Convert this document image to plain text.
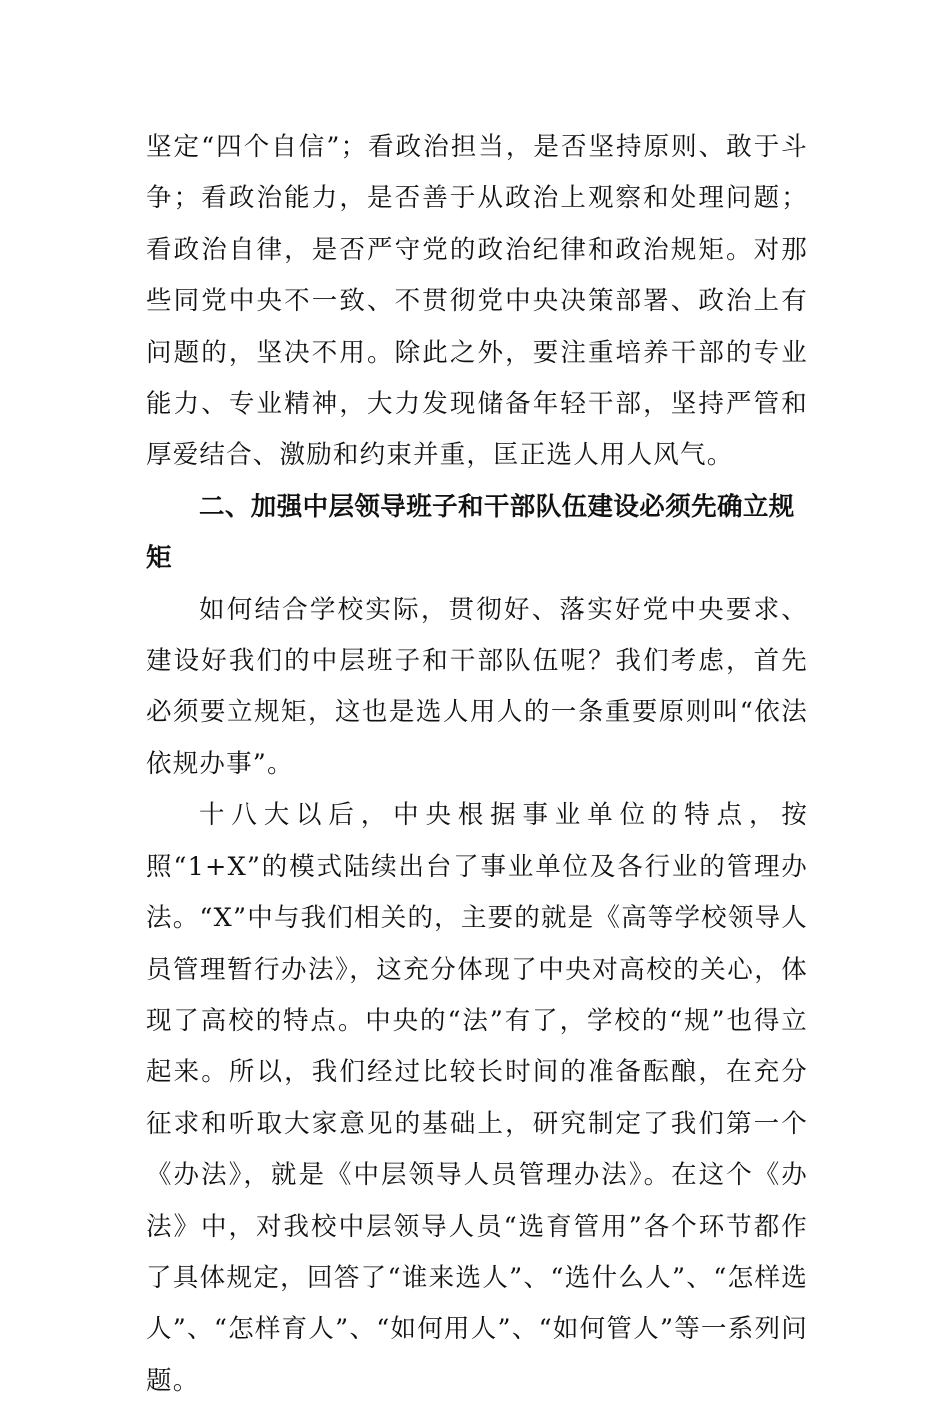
坚定“四个自信”；看政治担当，是否坚持原则、敢于斗争；看政治能力，是否善于从政治上观察和处理问题；看政治自律，是否严守党的政治纪律和政治规矩。对那些同党中央不一致、不贯彻党中央决策部署、政治上有问题的，坚决不用。除此之外，要注重培养干部的专业能力、专业精神，大力发现储备年轻干部，坚持严管和厚爱结合、激励和约束并重，匡正选人用人风气。

二、加强中层领导班子和干部队伍建设必须先确立规矩

如何结合学校实际，贯彻好、落实好党中央要求、建设好我们的中层班子和干部队伍呢？我们考虑，首先必须要立规矩，这也是选人用人的一条重要原则叫“依法依规办事”。

十八大以后，中央根据事业单位的特点，按照“1+X”的模式陆续出台了事业单位及各行业的管理办法。“X”中与我们相关的，主要的就是《高等学校领导人员管理暂行办法》，这充分体现了中央对高校的关心，体现了高校的特点。中央的“法”有了，学校的“规”也得立起来。所以，我们经过比较长时间的准备酝酿，在充分征求和听取大家意见的基础上，研究制定了我们第一个《办法》，就是《中层领导人员管理办法》。在这个《办法》中，对我校中层领导人员“选育管用”各个环节都作了具体规定，回答了“谁来选人”、“选什么人”、“怎样选人”、“怎样育人”、“如何用人”、“如何管人”等一系列问题。
